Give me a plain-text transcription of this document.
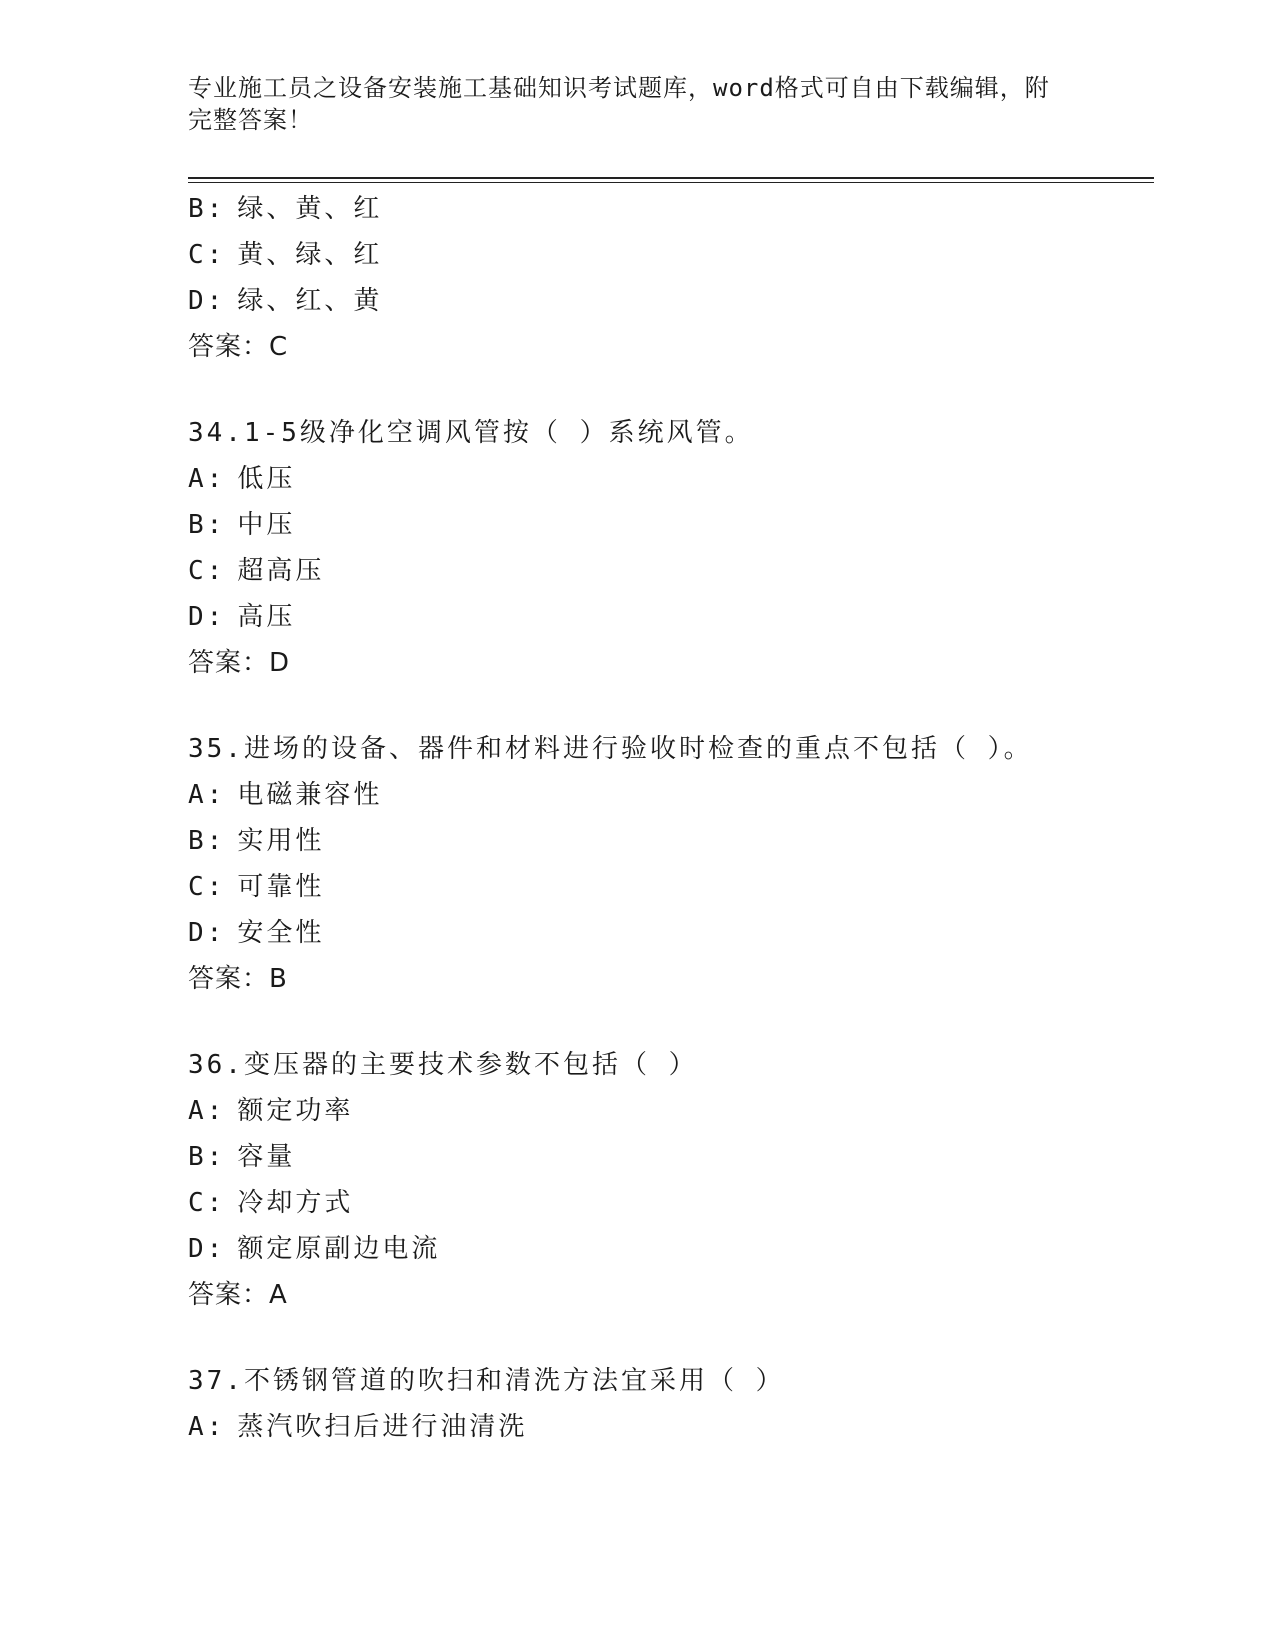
专业施工员之设备安装施工基础知识考试题库，word格式可自由下载编辑，附完整答案！

B: 绿、黄、红
C: 黄、绿、红
D: 绿、红、黄
答案：C
34.1-5级净化空调风管按（ ）系统风管。
A: 低压
B: 中压
C: 超高压
D: 高压
答案：D
35.进场的设备、器件和材料进行验收时检查的重点不包括（ ）。
A: 电磁兼容性
B: 实用性
C: 可靠性
D: 安全性
答案：B
36.变压器的主要技术参数不包括（ ）
A: 额定功率
B: 容量
C: 冷却方式
D: 额定原副边电流
答案：A
37.不锈钢管道的吹扫和清洗方法宜采用（ ）
A: 蒸汽吹扫后进行油清洗
